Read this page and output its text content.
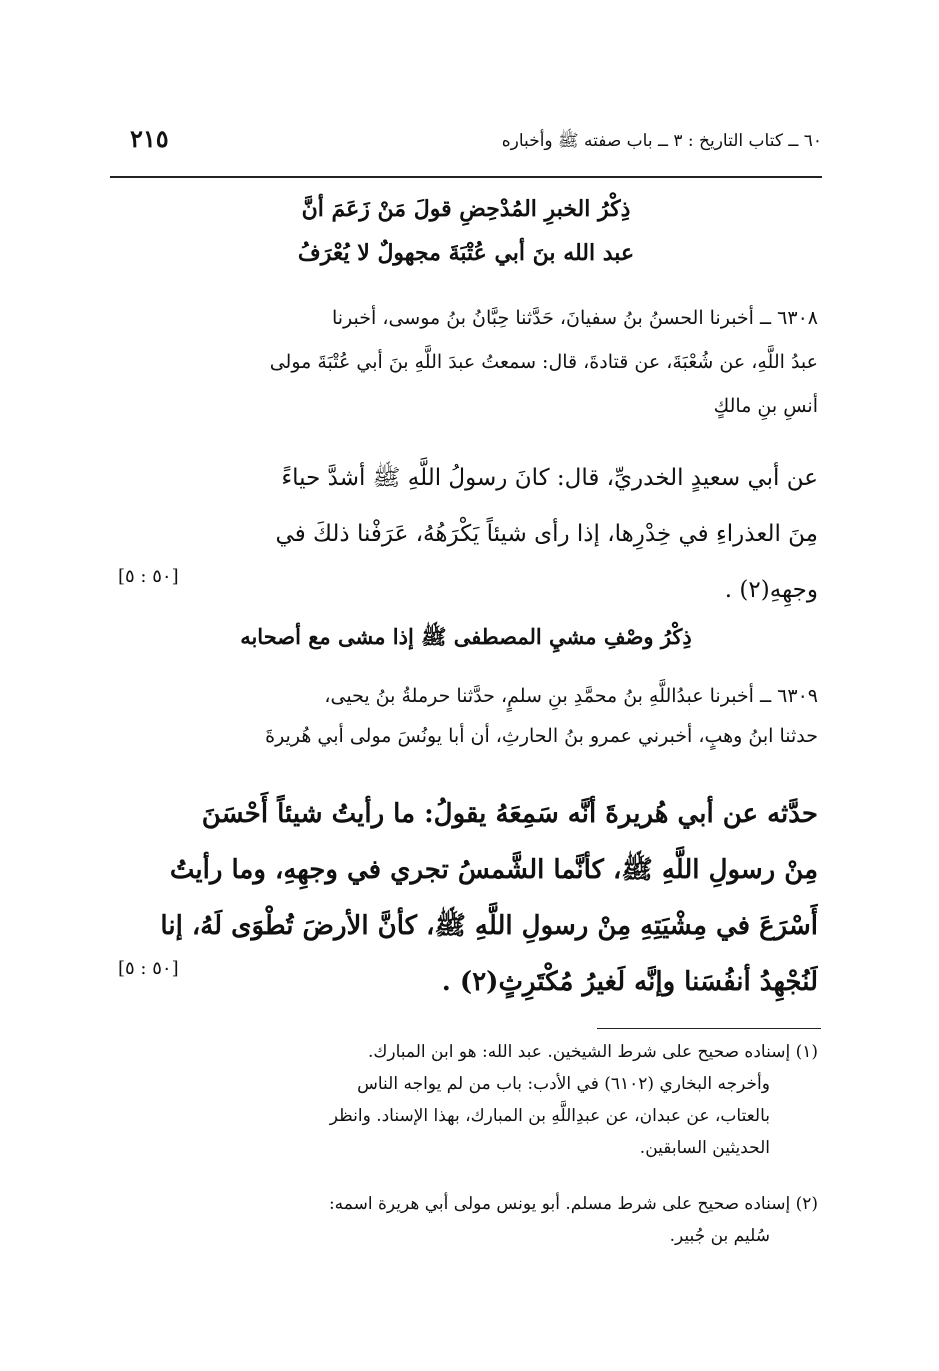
٦٠ ــ كتاب التاريخ : ٣ ــ باب صفته ﷺ وأخباره
٢١٥
ذِكْرُ الخبرِ المُدْحِضِ قولَ مَنْ زَعَمَ أنَّ
عبد الله بنَ أبي عُتْبَةَ مجهولٌ لا يُعْرَفُ
٦٣٠٨ ــ أخبرنا الحسنُ بنُ سفيانَ، حَدَّثنا حِبَّانُ بنُ موسى، أخبرنا
عبدُ اللَّهِ، عن شُعْبَةَ، عن قتادةَ، قال: سمعتُ عبدَ اللَّهِ بنَ أبي عُتْبَةَ مولى
أنسِ بنِ مالكٍ
عن أبي سعيدٍ الخدريِّ، قال: كانَ رسولُ اللَّهِ ﷺ أشدَّ حياءً
مِنَ العذراءِ في خِدْرِها، إذا رأى شيئاً يَكْرَهُهُ، عَرَفْنا ذلكَ في
وجهِهِ(٢) .
[٥٠ : ٥]
ذِكْرُ وصْفِ مشيِ المصطفى ﷺ إذا مشى مع أصحابه
٦٣٠٩ ــ أخبرنا عبدُاللَّهِ بنُ محمَّدِ بنِ سلمٍ، حدَّثنا حرملةُ بنُ يحيى،
حدثنا ابنُ وهبٍ، أخبرني عمرو بنُ الحارثِ، أن أبا يونُسَ مولى أبي هُريرةَ
حدَّثه عن أبي هُريرةَ أنَّه سَمِعَهُ يقولُ: ما رأيتُ شيئاً أَحْسَنَ
مِنْ رسولِ اللَّهِ ﷺ، كأنَّما الشَّمسُ تجري في وجهِهِ، وما رأيتُ
أَسْرَعَ في مِشْيَتِهِ مِنْ رسولِ اللَّهِ ﷺ، كأنَّ الأرضَ تُطْوَى لَهُ، إنا
لَنُجْهِدُ أنفُسَنا وإنَّه لَغيرُ مُكْتَرِثٍ(٢) .
[٥٠ : ٥]
(١) إسناده صحيح على شرط الشيخين. عبد الله: هو ابن المبارك.
وأخرجه البخاري (٦١٠٢) في الأدب: باب من لم يواجه الناس
بالعتاب، عن عبدان، عن عبدِاللَّهِ بن المبارك، بهذا الإسناد. وانظر
الحديثين السابقين.
(٢) إسناده صحيح على شرط مسلم. أبو يونس مولى أبي هريرة اسمه:
سُليم بن جُبير.
